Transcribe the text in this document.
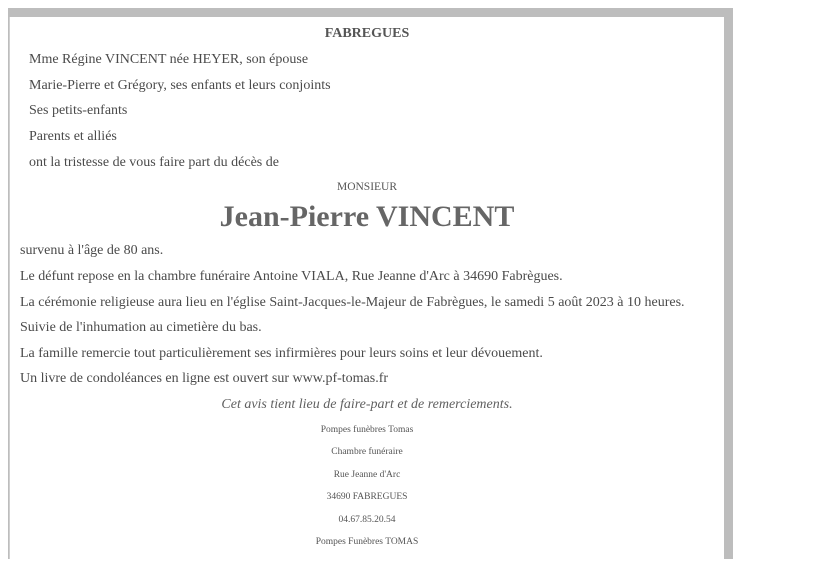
FABREGUES
Mme Régine VINCENT née HEYER, son épouse
Marie-Pierre et Grégory, ses enfants et leurs conjoints
Ses petits-enfants
Parents et alliés
ont la tristesse de vous faire part du décès de
MONSIEUR
Jean-Pierre VINCENT
survenu à l'âge de 80 ans.
Le défunt repose en la chambre funéraire Antoine VIALA, Rue Jeanne d'Arc à 34690 Fabrègues.
La cérémonie religieuse aura lieu en l'église Saint-Jacques-le-Majeur de Fabrègues, le samedi 5 août 2023 à 10 heures.
Suivie de l'inhumation au cimetière du bas.
La famille remercie tout particulièrement ses infirmières pour leurs soins et leur dévouement.
Un livre de condoléances en ligne est ouvert sur www.pf-tomas.fr
Cet avis tient lieu de faire-part et de remerciements.
Pompes funèbres Tomas
Chambre funéraire
Rue Jeanne d'Arc
34690 FABREGUES
04.67.85.20.54
Pompes Funèbres TOMAS
